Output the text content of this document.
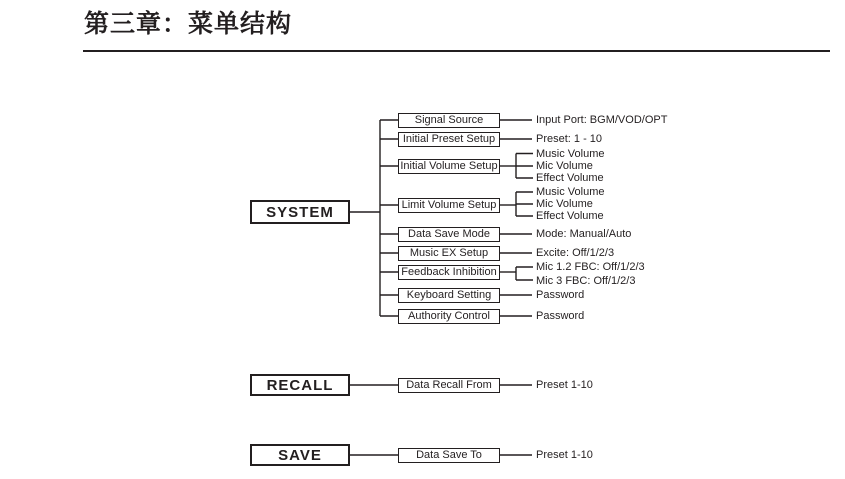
第三章：菜单结构
SYSTEM
RECALL
SAVE
Signal Source
Initial Preset Setup
Initial Volume Setup
Limit Volume Setup
Data Save Mode
Music EX Setup
Feedback Inhibition
Keyboard Setting
Authority Control
Input Port: BGM/VOD/OPT
Preset: 1 - 10
Music Volume
Mic Volume
Effect Volume
Music Volume
Mic Volume
Effect Volume
Mode: Manual/Auto
Excite: Off/1/2/3
Mic 1.2 FBC: Off/1/2/3
Mic 3 FBC: Off/1/2/3
Password
Password
Data Recall From	Preset 1-10
Data Save To	Preset 1-10
